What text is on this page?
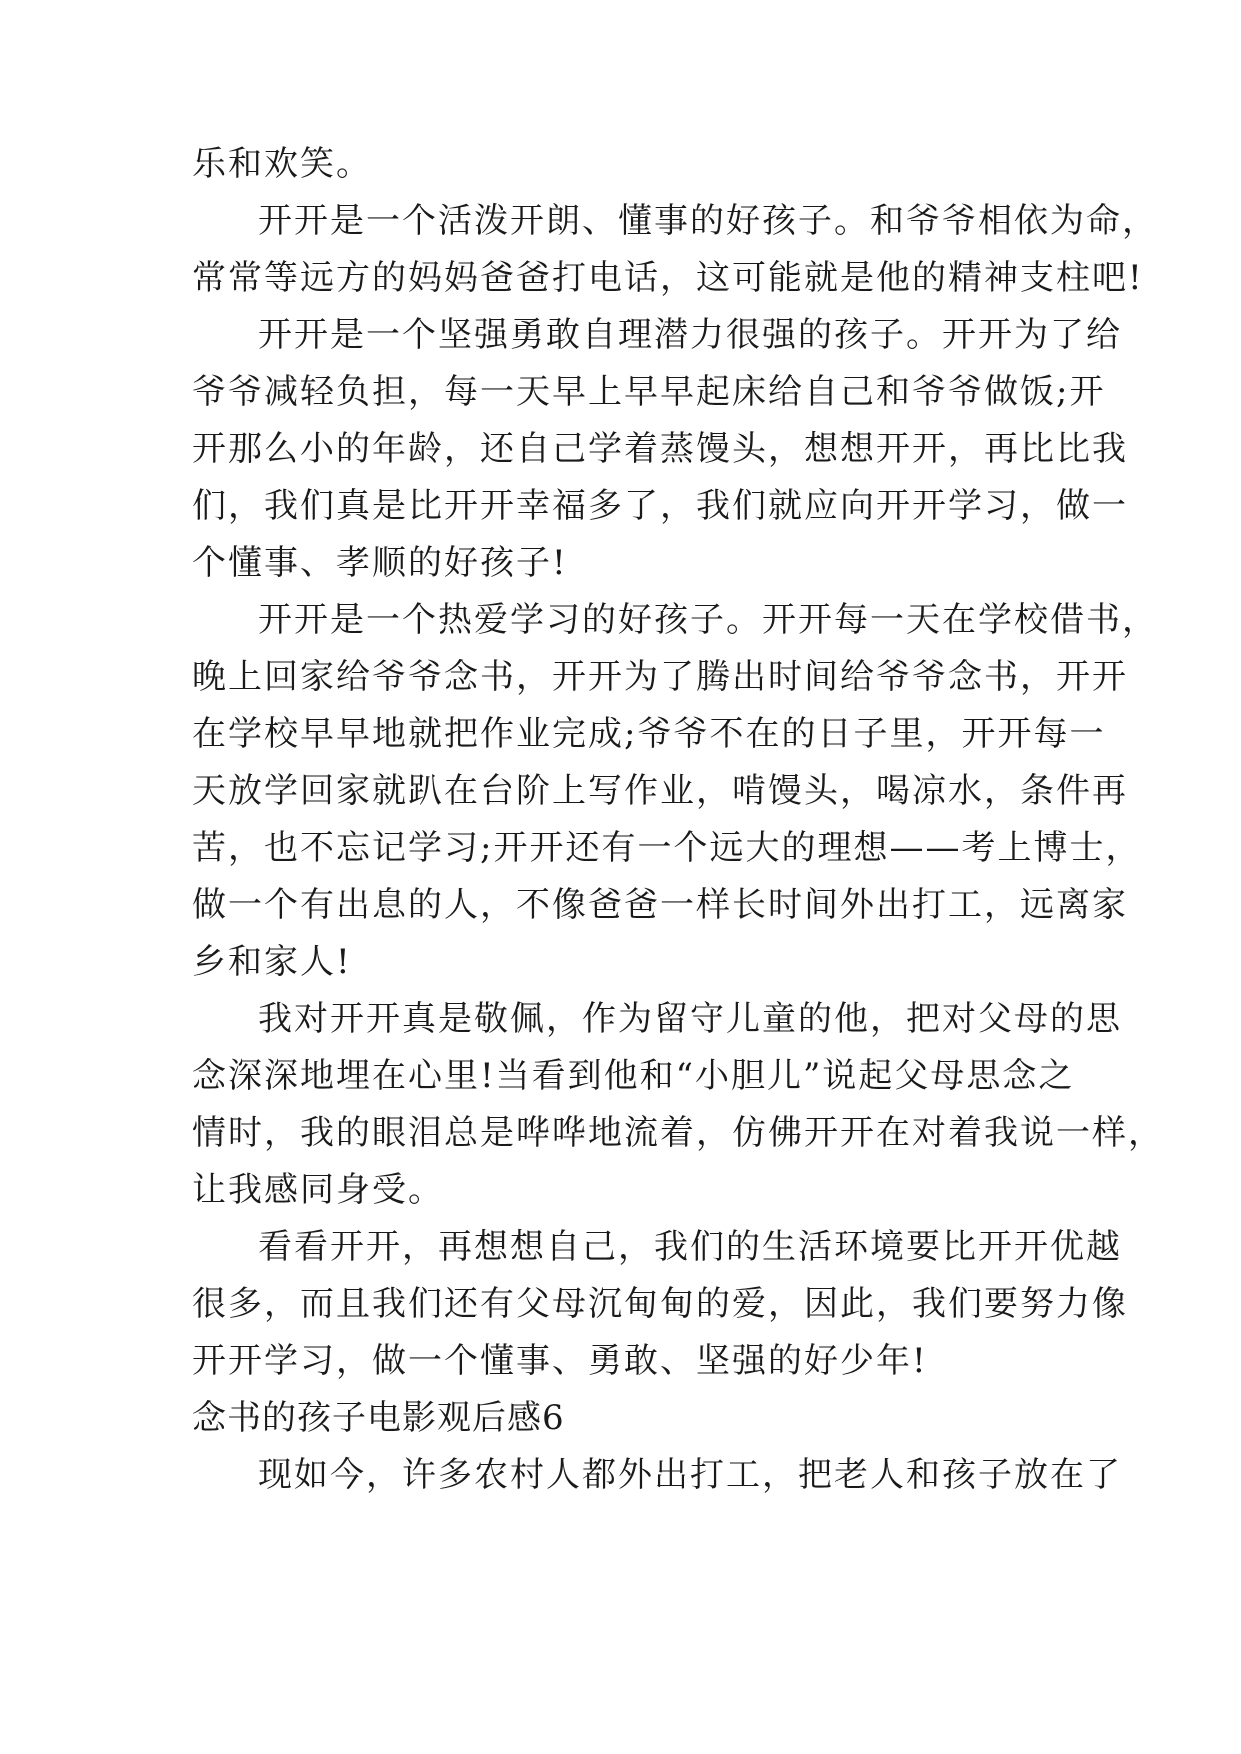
乐和欢笑。
开开是一个活泼开朗、懂事的好孩子。和爷爷相依为命，
常常等远方的妈妈爸爸打电话，这可能就是他的精神支柱吧!
开开是一个坚强勇敢自理潜力很强的孩子。开开为了给
爷爷减轻负担，每一天早上早早起床给自己和爷爷做饭;开
开那么小的年龄，还自己学着蒸馒头，想想开开，再比比我
们，我们真是比开开幸福多了，我们就应向开开学习，做一
个懂事、孝顺的好孩子!
开开是一个热爱学习的好孩子。开开每一天在学校借书，
晚上回家给爷爷念书，开开为了腾出时间给爷爷念书，开开
在学校早早地就把作业完成;爷爷不在的日子里，开开每一
天放学回家就趴在台阶上写作业，啃馒头，喝凉水，条件再
苦，也不忘记学习;开开还有一个远大的理想——考上博士，
做一个有出息的人，不像爸爸一样长时间外出打工，远离家
乡和家人!
我对开开真是敬佩，作为留守儿童的他，把对父母的思
念深深地埋在心里!当看到他和“小胆儿”说起父母思念之
情时，我的眼泪总是哗哗地流着，仿佛开开在对着我说一样，
让我感同身受。
看看开开，再想想自己，我们的生活环境要比开开优越
很多，而且我们还有父母沉甸甸的爱，因此，我们要努力像
开开学习，做一个懂事、勇敢、坚强的好少年!
念书的孩子电影观后感6
现如今，许多农村人都外出打工，把老人和孩子放在了
